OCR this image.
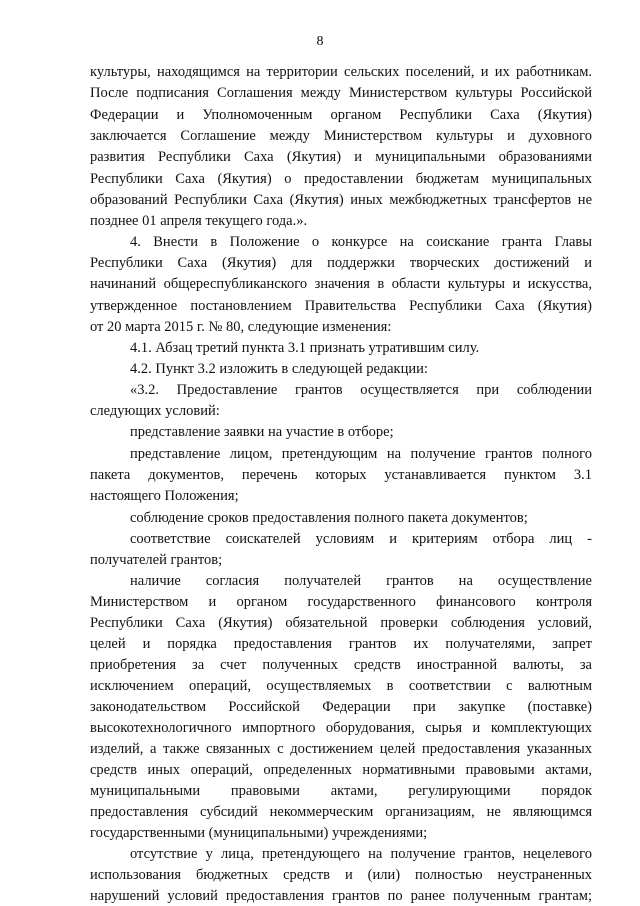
8
культуры, находящимся на территории сельских поселений, и их работникам.
После подписания Соглашения между Министерством культуры Российской
Федерации и Уполномоченным органом Республики Саха (Якутия)
заключается Соглашение между Министерством культуры и духовного
развития Республики Саха (Якутия) и муниципальными образованиями
Республики Саха (Якутия) о предоставлении бюджетам муниципальных
образований Республики Саха (Якутия) иных межбюджетных трансфертов не
позднее 01 апреля текущего года.».
4. Внести в Положение о конкурсе на соискание гранта Главы
Республики Саха (Якутия) для поддержки творческих достижений и
начинаний общереспубликанского значения в области культуры и искусства,
утвержденное постановлением Правительства Республики Саха (Якутия)
от 20 марта 2015 г. № 80, следующие изменения:
4.1. Абзац третий пункта 3.1 признать утратившим силу.
4.2. Пункт 3.2 изложить в следующей редакции:
«3.2. Предоставление грантов осуществляется при соблюдении
следующих условий:
представление заявки на участие в отборе;
представление лицом, претендующим на получение грантов полного
пакета документов, перечень которых устанавливается пунктом 3.1
настоящего Положения;
соблюдение сроков предоставления полного пакета документов;
соответствие соискателей условиям и критериям отбора лиц -
получателей грантов;
наличие согласия получателей грантов на осуществление
Министерством и органом государственного финансового контроля
Республики Саха (Якутия) обязательной проверки соблюдения условий,
целей и порядка предоставления грантов их получателями, запрет
приобретения за счет полученных средств иностранной валюты, за
исключением операций, осуществляемых в соответствии с валютным
законодательством Российской Федерации при закупке (поставке)
высокотехнологичного импортного оборудования, сырья и комплектующих
изделий, а также связанных с достижением целей предоставления указанных
средств иных операций, определенных нормативными правовыми актами,
муниципальными правовыми актами, регулирующими порядок
предоставления субсидий некоммерческим организациям, не являющимся
государственными (муниципальными) учреждениями;
отсутствие у лица, претендующего на получение грантов, нецелевого
использования бюджетных средств и (или) полностью неустраненных
нарушений условий предоставления грантов по ранее полученным грантам;
